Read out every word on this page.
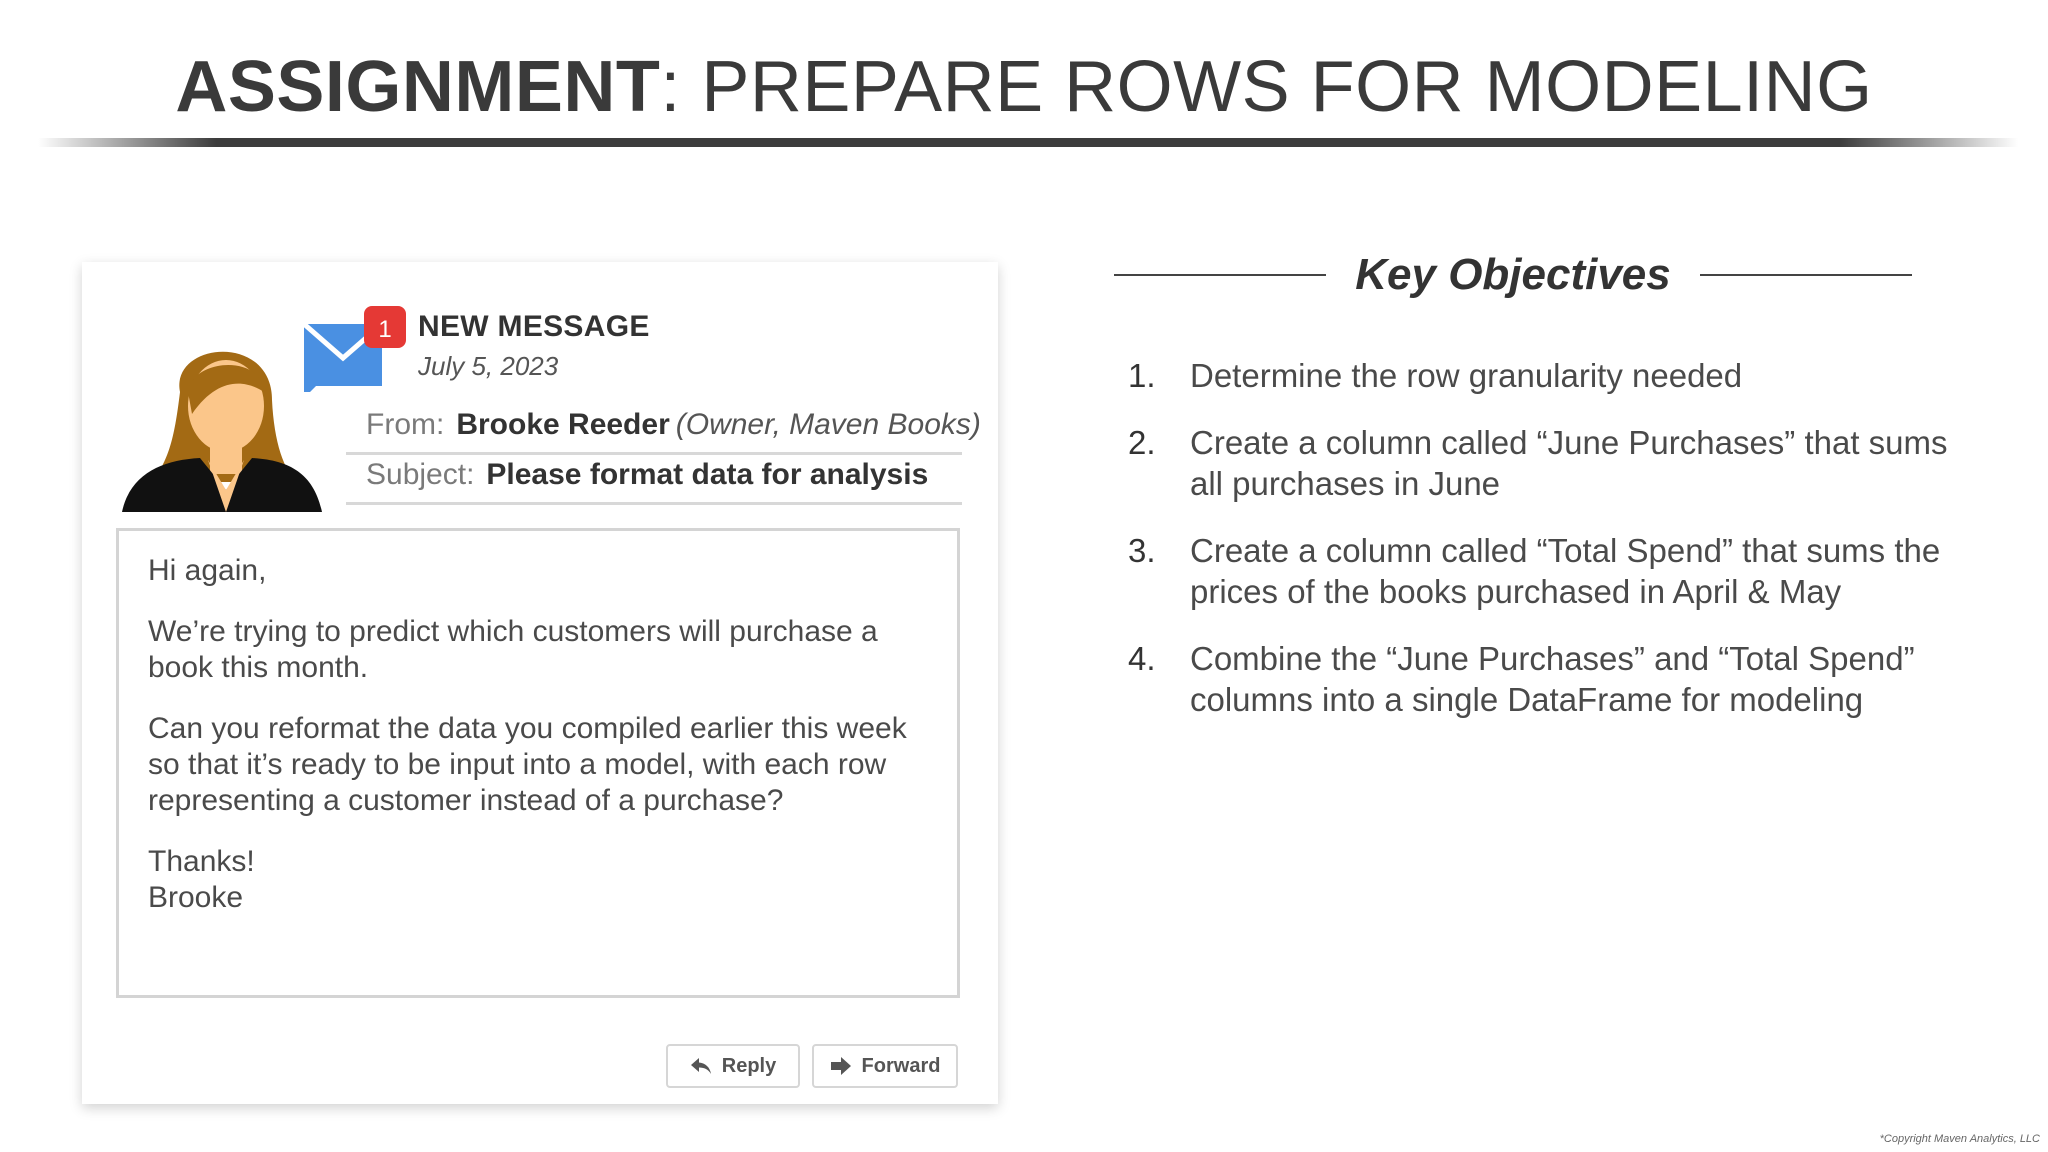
ASSIGNMENT: PREPARE ROWS FOR MODELING
1 NEW MESSAGE
July 5, 2023
From: Brooke Reeder (Owner, Maven Books)
Subject: Please format data for analysis

Hi again,

We’re trying to predict which customers will purchase a book this month.

Can you reformat the data you compiled earlier this week so that it’s ready to be input into a model, with each row representing a customer instead of a purchase?

Thanks!
Brooke
Reply	Forward
Key Objectives
1. Determine the row granularity needed
2. Create a column called “June Purchases” that sums all purchases in June
3. Create a column called “Total Spend” that sums the prices of the books purchased in April & May
4. Combine the “June Purchases” and “Total Spend” columns into a single DataFrame for modeling
*Copyright Maven Analytics, LLC
